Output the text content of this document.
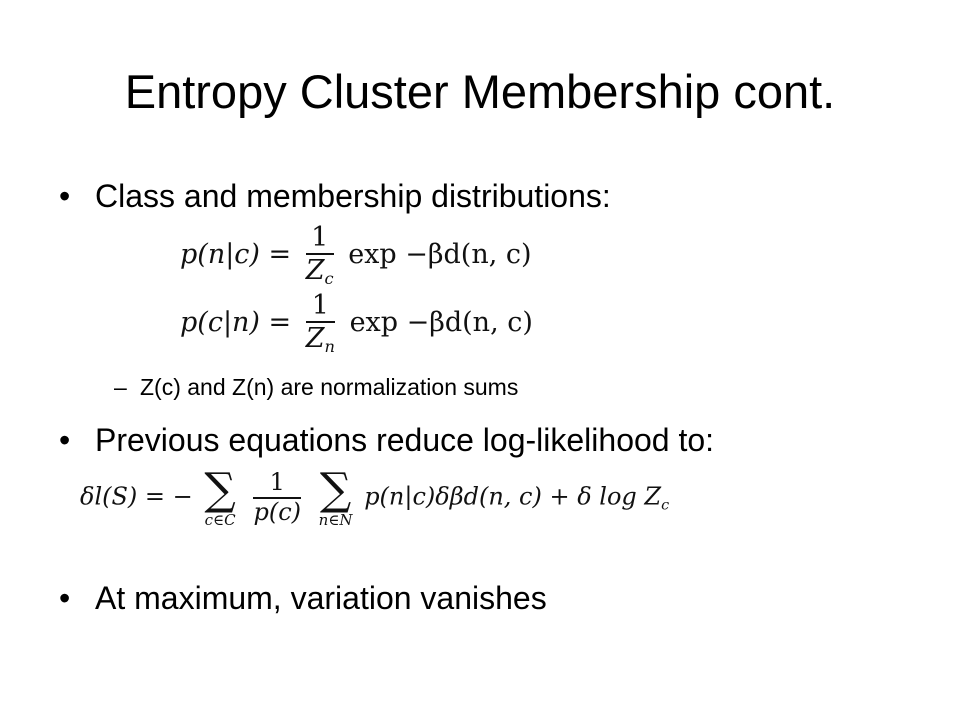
Entropy Cluster Membership cont.
• Class and membership distributions:
$p(n|c) = \frac{1}{Z_c}$ exp −βd(n, c)
$p(c|n) = \frac{1}{Z_n}$ exp −βd(n, c)
– Z(c) and Z(n) are normalization sums
• Previous equations reduce log-likelihood to:
δl(S) = − ∑
c∈C
$\frac{1}{p(c)}$
∑
n∈N
p(n|c)δβd(n, c) + δ $\log Z_c$
• At maximum, variation vanishes
